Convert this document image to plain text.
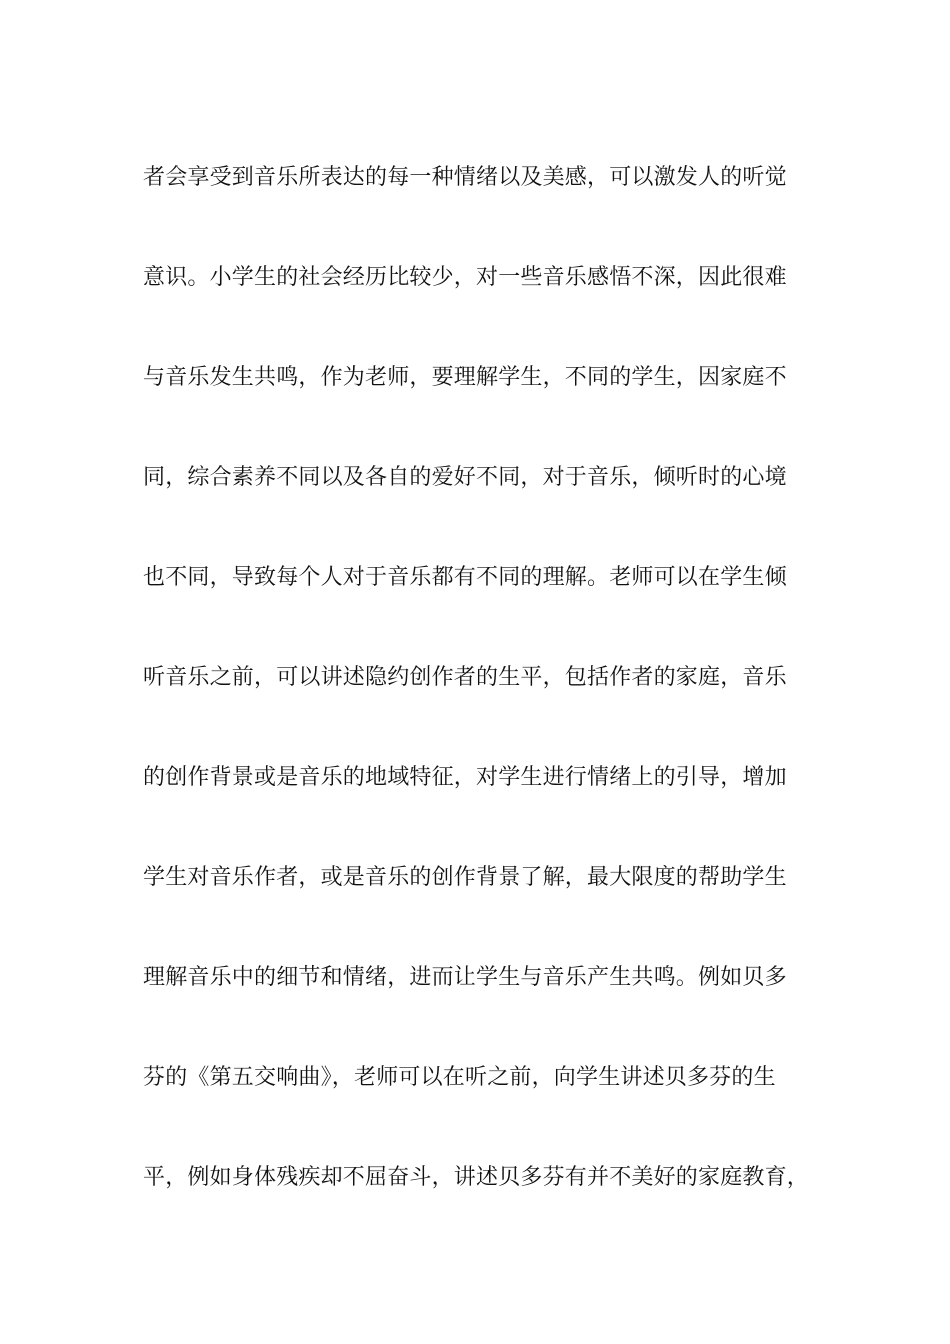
者会享受到音乐所表达的每一种情绪以及美感，可以激发人的听觉
意识。小学生的社会经历比较少，对一些音乐感悟不深，因此很难
与音乐发生共鸣，作为老师，要理解学生，不同的学生，因家庭不
同，综合素养不同以及各自的爱好不同，对于音乐，倾听时的心境
也不同，导致每个人对于音乐都有不同的理解。老师可以在学生倾
听音乐之前，可以讲述隐约创作者的生平，包括作者的家庭，音乐
的创作背景或是音乐的地域特征，对学生进行情绪上的引导，增加
学生对音乐作者，或是音乐的创作背景了解，最大限度的帮助学生
理解音乐中的细节和情绪，进而让学生与音乐产生共鸣。例如贝多
芬的《第五交响曲》，老师可以在听之前，向学生讲述贝多芬的生
平，例如身体残疾却不屈奋斗，讲述贝多芬有并不美好的家庭教育，
